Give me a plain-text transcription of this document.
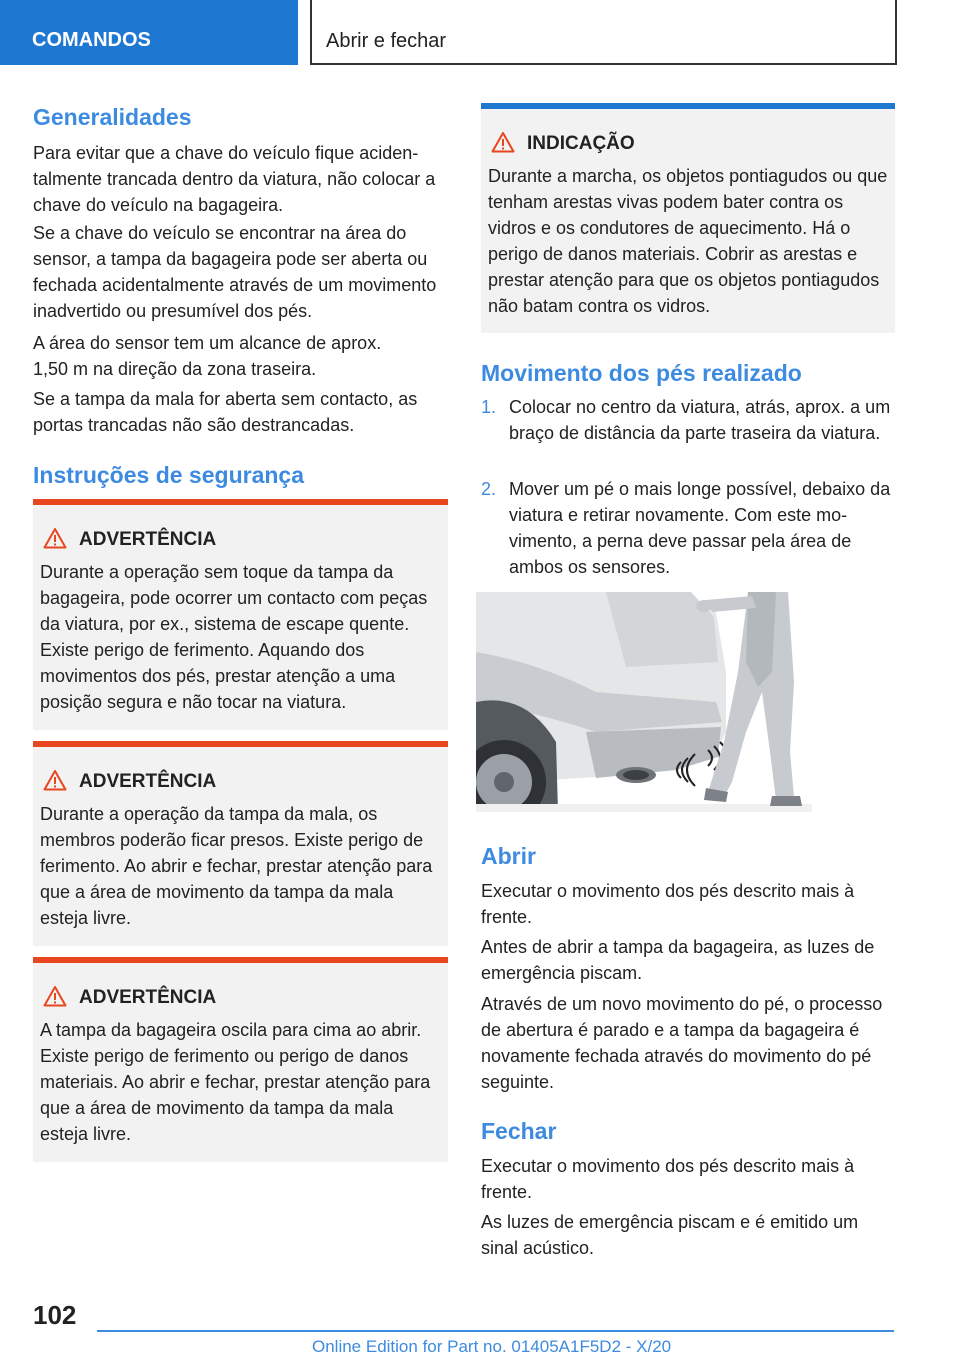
COMANDOS	Abrir e fechar
Generalidades

Para evitar que a chave do veículo fique acidentalmente trancada dentro da viatura, não colocar a chave do veículo na bagageira.

Se a chave do veículo se encontrar na área do sensor, a tampa da bagageira pode ser aberta ou fechada acidentalmente através de um movimento inadvertido ou presumível dos pés.

A área do sensor tem um alcance de aprox. 1,50 m na direção da zona traseira.

Se a tampa da mala for aberta sem contacto, as portas trancadas não são destrancadas.

Instruções de segurança
ADVERTÊNCIA

Durante a operação sem toque da tampa da bagageira, pode ocorrer um contacto com peças da viatura, por ex., sistema de escape quente. Existe perigo de ferimento. Aquando dos movimentos dos pés, prestar atenção a uma posição segura e não tocar na viatura.

ADVERTÊNCIA

Durante a operação da tampa da mala, os membros poderão ficar presos. Existe perigo de ferimento. Ao abrir e fechar, prestar atenção para que a área de movimento da tampa da mala esteja livre.

ADVERTÊNCIA

A tampa da bagageira oscila para cima ao abrir. Existe perigo de ferimento ou perigo de danos materiais. Ao abrir e fechar, prestar atenção para que a área de movimento da tampa da mala esteja livre.

INDICAÇÃO

Durante a marcha, os objetos pontiagudos ou que tenham arestas vivas podem bater contra os vidros e os condutores de aquecimento. Há o perigo de danos materiais. Cobrir as arestas e prestar atenção para que os objetos pontiagudos não batam contra os vidros.

Movimento dos pés realizado
1. Colocar no centro da viatura, atrás, aprox. a um braço de distância da parte traseira da viatura.
2. Mover um pé o mais longe possível, debaixo da viatura e retirar novamente. Com este movimento, a perna deve passar pela área de ambos os sensores.
Abrir

Executar o movimento dos pés descrito mais à frente.

Antes de abrir a tampa da bagageira, as luzes de emergência piscam.

Através de um novo movimento do pé, o processo de abertura é parado e a tampa da bagageira é novamente fechada através do movimento do pé seguinte.

Fechar

Executar o movimento dos pés descrito mais à frente.

As luzes de emergência piscam e é emitido um sinal acústico.

102
Online Edition for Part no. 01405A1F5D2 - X/20
